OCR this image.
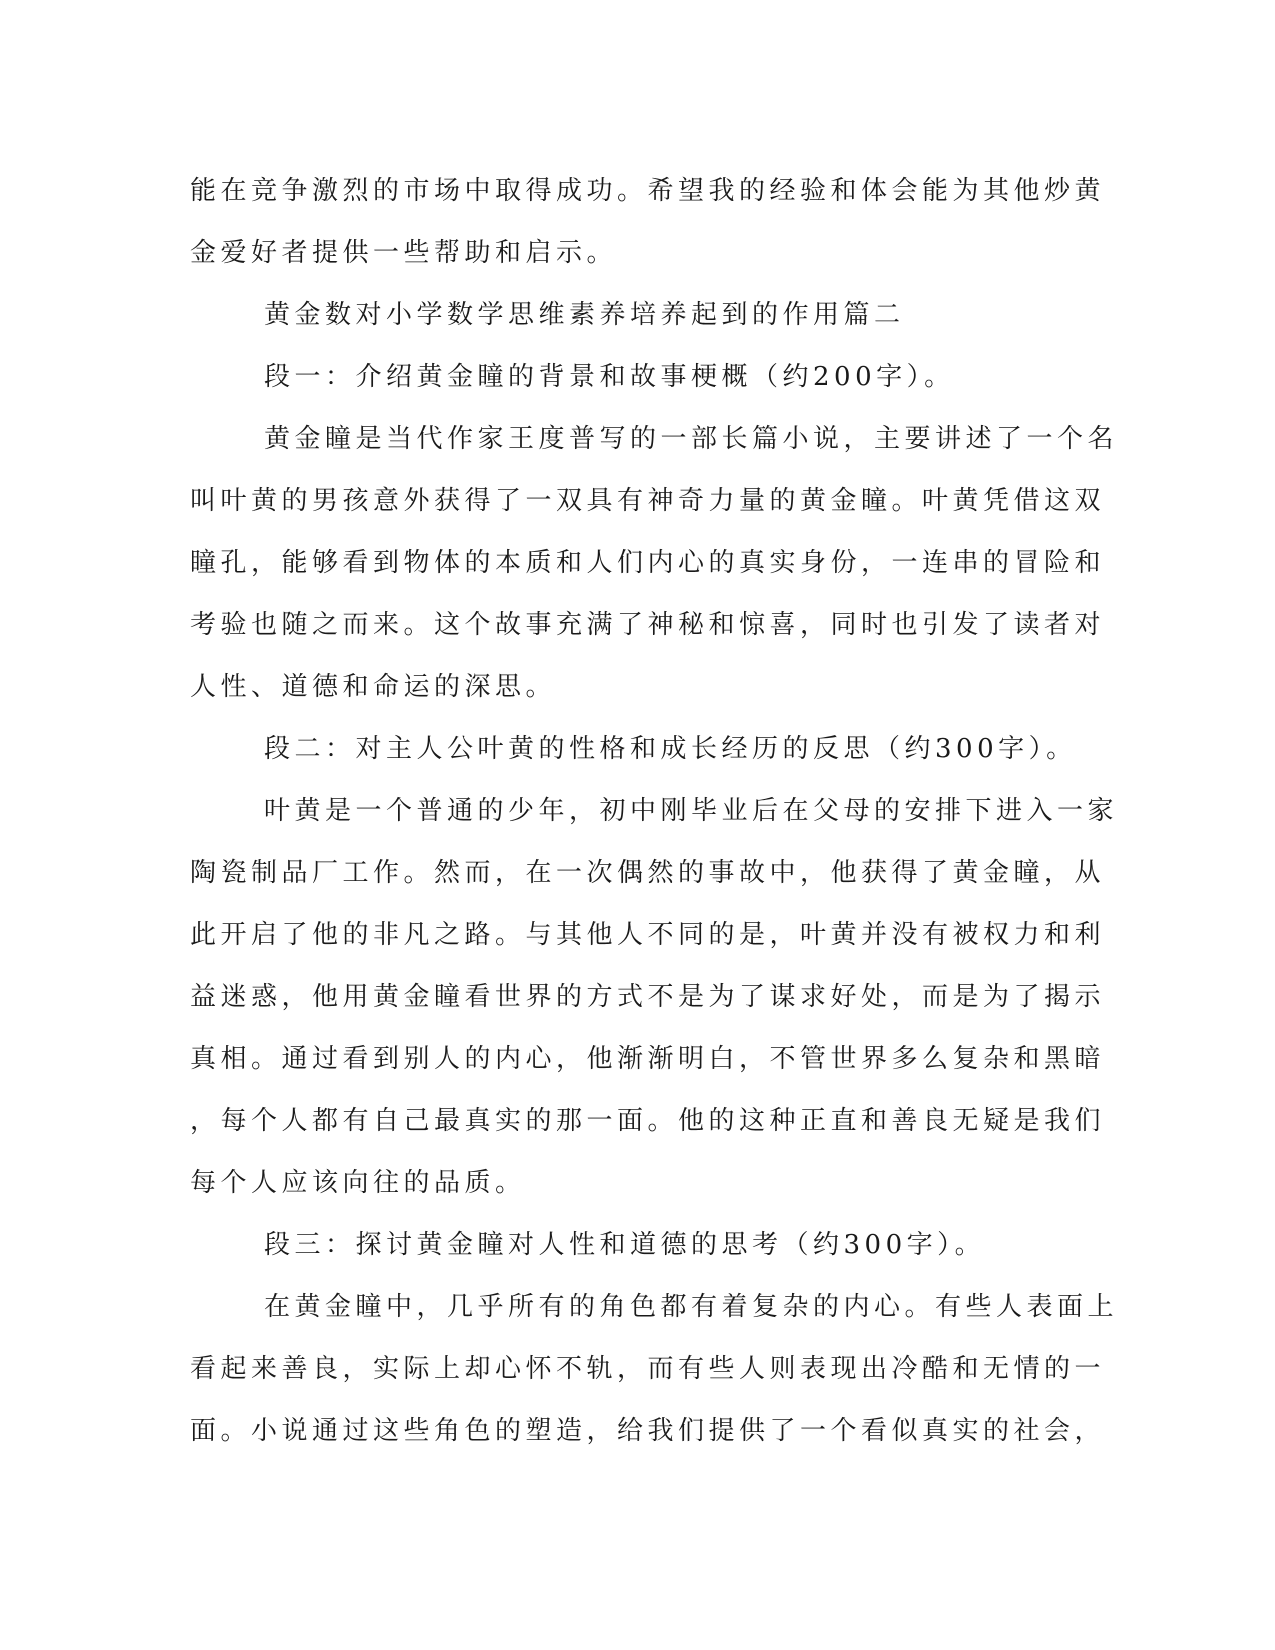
能在竞争激烈的市场中取得成功。希望我的经验和体会能为其他炒黄
金爱好者提供一些帮助和启示。
黄金数对小学数学思维素养培养起到的作用篇二
段一：介绍黄金瞳的背景和故事梗概（约200字）。
黄金瞳是当代作家王度普写的一部长篇小说，主要讲述了一个名
叫叶黄的男孩意外获得了一双具有神奇力量的黄金瞳。叶黄凭借这双
瞳孔，能够看到物体的本质和人们内心的真实身份，一连串的冒险和
考验也随之而来。这个故事充满了神秘和惊喜，同时也引发了读者对
人性、道德和命运的深思。
段二：对主人公叶黄的性格和成长经历的反思（约300字）。
叶黄是一个普通的少年，初中刚毕业后在父母的安排下进入一家
陶瓷制品厂工作。然而，在一次偶然的事故中，他获得了黄金瞳，从
此开启了他的非凡之路。与其他人不同的是，叶黄并没有被权力和利
益迷惑，他用黄金瞳看世界的方式不是为了谋求好处，而是为了揭示
真相。通过看到别人的内心，他渐渐明白，不管世界多么复杂和黑暗
，每个人都有自己最真实的那一面。他的这种正直和善良无疑是我们
每个人应该向往的品质。
段三：探讨黄金瞳对人性和道德的思考（约300字）。
在黄金瞳中，几乎所有的角色都有着复杂的内心。有些人表面上
看起来善良，实际上却心怀不轨，而有些人则表现出冷酷和无情的一
面。小说通过这些角色的塑造，给我们提供了一个看似真实的社会，
